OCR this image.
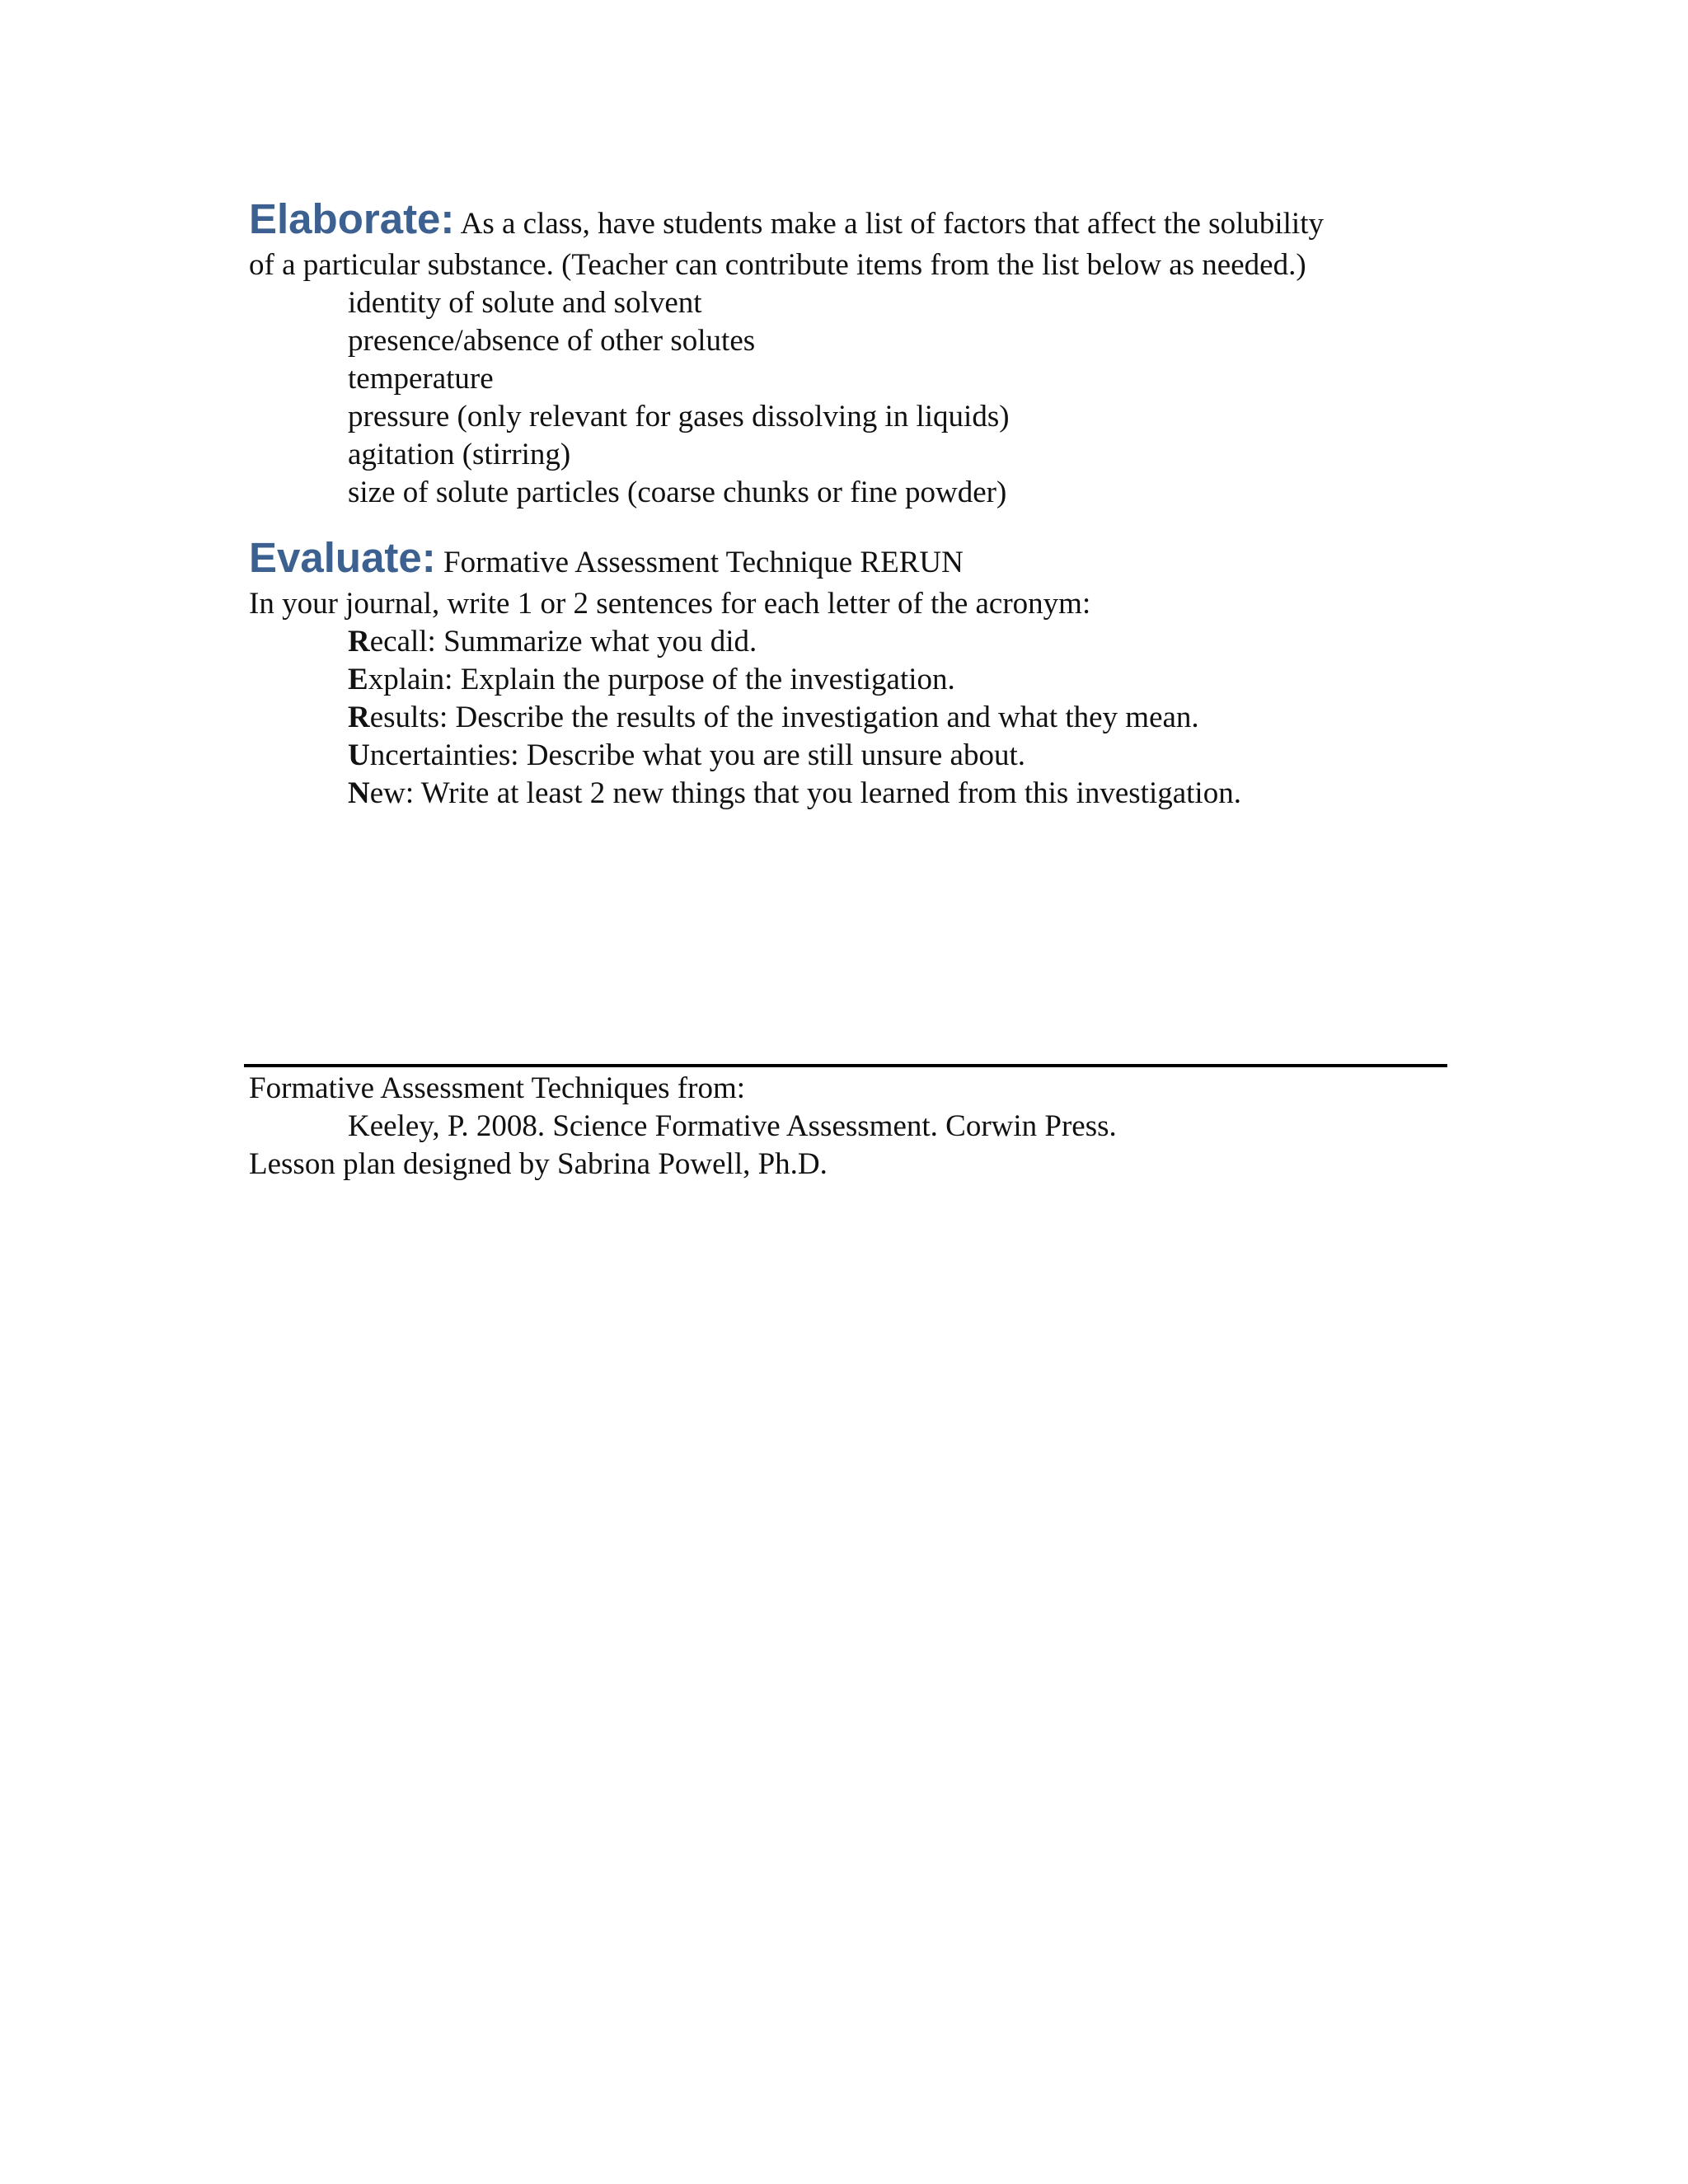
Elaborate: As a class, have students make a list of factors that affect the solubility

of a particular substance. (Teacher can contribute items from the list below as needed.)

identity of solute and solvent
presence/absence of other solutes
temperature
pressure (only relevant for gases dissolving in liquids)
agitation (stirring)
size of solute particles (coarse chunks or fine powder)

Evaluate: Formative Assessment Technique RERUN

In your journal, write 1 or 2 sentences for each letter of the acronym:

Recall: Summarize what you did.
Explain: Explain the purpose of the investigation.
Results: Describe the results of the investigation and what they mean.
Uncertainties: Describe what you are still unsure about.
New: Write at least 2 new things that you learned from this investigation.

Formative Assessment Techniques from:

Keeley, P. 2008. Science Formative Assessment. Corwin Press.

Lesson plan designed by Sabrina Powell, Ph.D.
